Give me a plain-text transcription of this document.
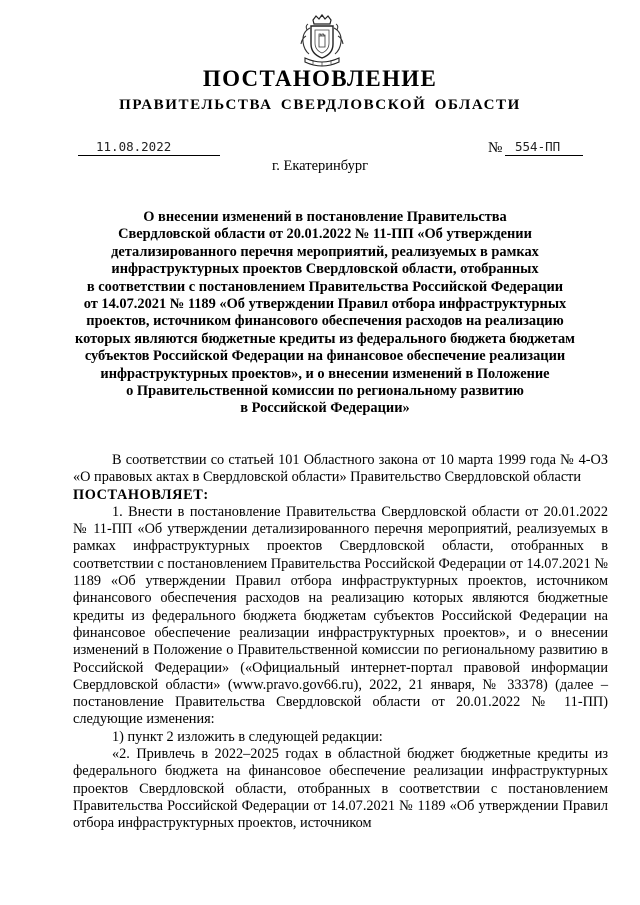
ПОСТАНОВЛЕНИЕ
ПРАВИТЕЛЬСТВА СВЕРДЛОВСКОЙ ОБЛАСТИ
11.08.2022	№	554-ПП
г. Екатеринбург
О внесении изменений в постановление Правительства
Свердловской области от 20.01.2022 № 11-ПП «Об утверждении
детализированного перечня мероприятий, реализуемых в рамках
инфраструктурных проектов Свердловской области, отобранных
в соответствии с постановлением Правительства Российской Федерации
от 14.07.2021 № 1189 «Об утверждении Правил отбора инфраструктурных
проектов, источником финансового обеспечения расходов на реализацию
которых являются бюджетные кредиты из федерального бюджета бюджетам
субъектов Российской Федерации на финансовое обеспечение реализации
инфраструктурных проектов», и о внесении изменений в Положение
о Правительственной комиссии по региональному развитию
в Российской Федерации»

В соответствии со статьей 101 Областного закона от 10 марта 1999 года № 4-ОЗ «О правовых актах в Свердловской области» Правительство Свердловской области

ПОСТАНОВЛЯЕТ:

1. Внести в постановление Правительства Свердловской области от 20.01.2022 № 11-ПП «Об утверждении детализированного перечня мероприятий, реализуемых в рамках инфраструктурных проектов Свердловской области, отобранных в соответствии с постановлением Правительства Российской Федерации от 14.07.2021 № 1189 «Об утверждении Правил отбора инфраструктурных проектов, источником финансового обеспечения расходов на реализацию которых являются бюджетные кредиты из федерального бюджета бюджетам субъектов Российской Федерации на финансовое обеспечение реализации инфраструктурных проектов», и о внесении изменений в Положение о Правительственной комиссии по региональному развитию в Российской Федерации» («Официальный интернет-портал правовой информации Свердловской области» (www.pravo.gov66.ru), 2022, 21 января, № 33378) (далее – постановление Правительства Свердловской области от 20.01.2022 № 11-ПП) следующие изменения:

1) пункт 2 изложить в следующей редакции:

«2. Привлечь в 2022–2025 годах в областной бюджет бюджетные кредиты из федерального бюджета на финансовое обеспечение реализации инфраструктурных проектов Свердловской области, отобранных в соответствии с постановлением Правительства Российской Федерации от 14.07.2021 № 1189 «Об утверждении Правил отбора инфраструктурных проектов, источником
